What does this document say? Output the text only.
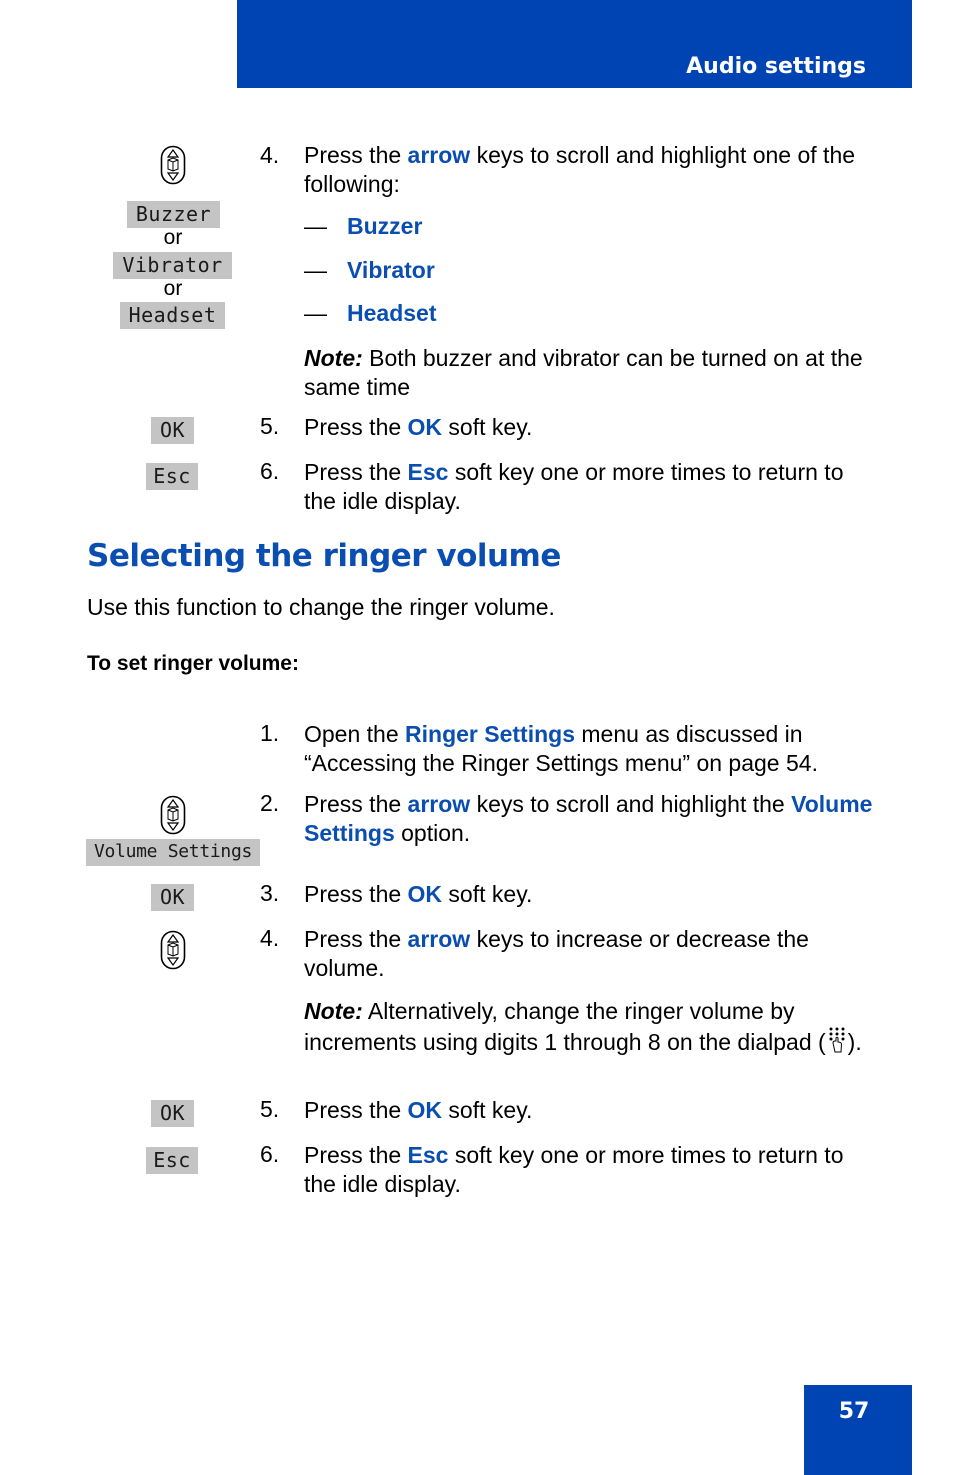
Audio settings
Buzzer
or
Vibrator
or
Headset
4. Press the arrow keys to scroll and highlight one of the following:
— Buzzer
— Vibrator
— Headset
Note: Both buzzer and vibrator can be turned on at the same time
OK	5. Press the OK soft key.
Esc	6. Press the Esc soft key one or more times to return to the idle display.
Selecting the ringer volume
Use this function to change the ringer volume.
To set ringer volume:
1. Open the Ringer Settings menu as discussed in “Accessing the Ringer Settings menu” on page 54.
Volume Settings
2. Press the arrow keys to scroll and highlight the Volume Settings option.
OK	3. Press the OK soft key.
4. Press the arrow keys to increase or decrease the volume.
Note: Alternatively, change the ringer volume by increments using digits 1 through 8 on the dialpad ( ).
OK	5. Press the OK soft key.
Esc	6. Press the Esc soft key one or more times to return to the idle display.
57
